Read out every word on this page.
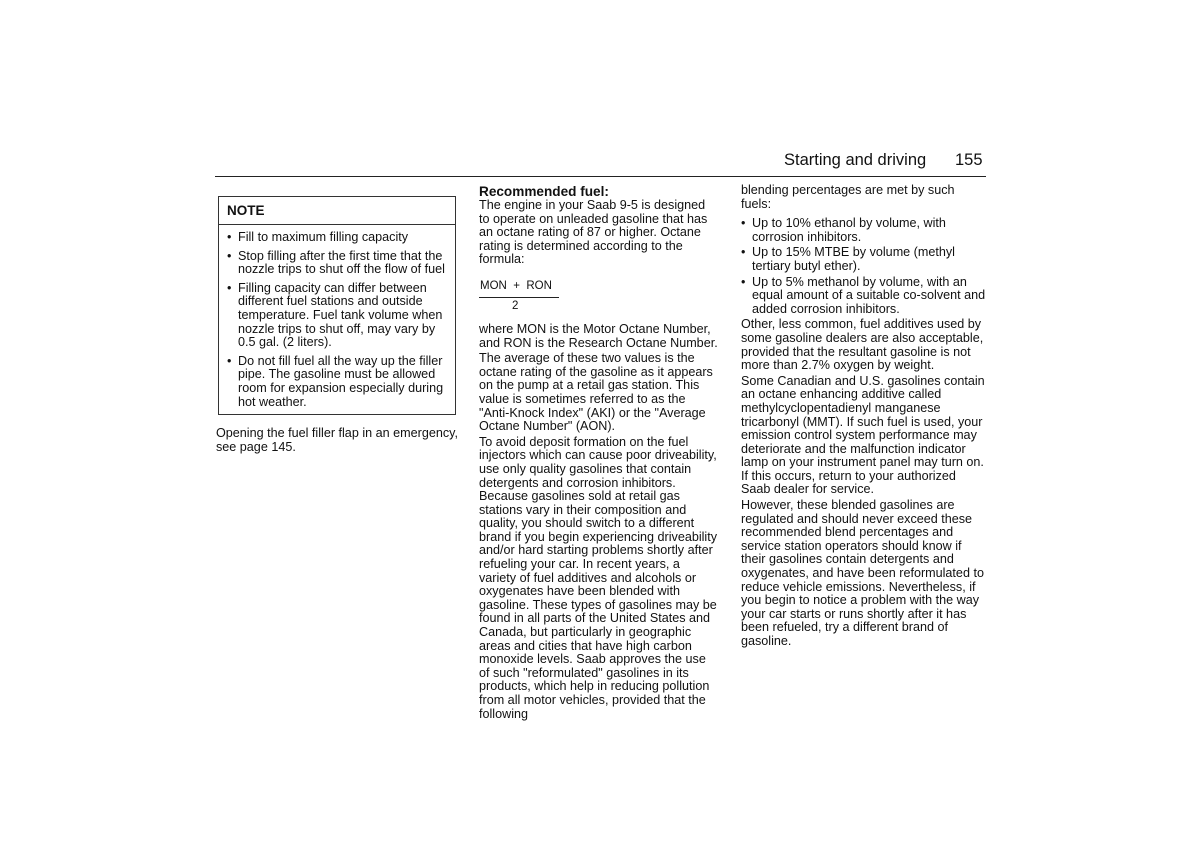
Starting and driving 155
NOTE
• Fill to maximum filling capacity
• Stop filling after the first time that the nozzle trips to shut off the flow of fuel
• Filling capacity can differ between different fuel stations and outside temperature. Fuel tank volume when nozzle trips to shut off, may vary by 0.5 gal. (2 liters).
• Do not fill fuel all the way up the filler pipe. The gasoline must be allowed room for expansion especially during hot weather.

Opening the fuel filler flap in an emergency, see page 145.

Recommended fuel:

The engine in your Saab 9-5 is designed to operate on unleaded gasoline that has an octane rating of 87 or higher. Octane rating is determined according to the formula:

MON  +  RON
2

where MON is the Motor Octane Number, and RON is the Research Octane Number.

The average of these two values is the octane rating of the gasoline as it appears on the pump at a retail gas station. This value is sometimes referred to as the "Anti-Knock Index" (AKI) or the "Average Octane Number" (AON).

To avoid deposit formation on the fuel injectors which can cause poor driveability, use only quality gasolines that contain detergents and corrosion inhibitors. Because gasolines sold at retail gas stations vary in their composition and quality, you should switch to a different brand if you begin experiencing driveability and/or hard starting problems shortly after refueling your car. In recent years, a variety of fuel additives and alcohols or oxygenates have been blended with gasoline. These types of gasolines may be found in all parts of the United States and Canada, but particularly in geographic areas and cities that have high carbon monoxide levels. Saab approves the use of such "reformulated" gasolines in its products, which help in reducing pollution from all motor vehicles, provided that the following

blending percentages are met by such fuels:

• Up to 10% ethanol by volume, with corrosion inhibitors.
• Up to 15% MTBE by volume (methyl tertiary butyl ether).
• Up to 5% methanol by volume, with an equal amount of a suitable co-solvent and added corrosion inhibitors.

Other, less common, fuel additives used by some gasoline dealers are also acceptable, provided that the resultant gasoline is not more than 2.7% oxygen by weight.

Some Canadian and U.S. gasolines contain an octane enhancing additive called methylcyclopentadienyl manganese tricarbonyl (MMT). If such fuel is used, your emission control system performance may deteriorate and the malfunction indicator lamp on your instrument panel may turn on. If this occurs, return to your authorized Saab dealer for service.

However, these blended gasolines are regulated and should never exceed these recommended blend percentages and service station operators should know if their gasolines contain detergents and oxygenates, and have been reformulated to reduce vehicle emissions. Nevertheless, if you begin to notice a problem with the way your car starts or runs shortly after it has been refueled, try a different brand of gasoline.
